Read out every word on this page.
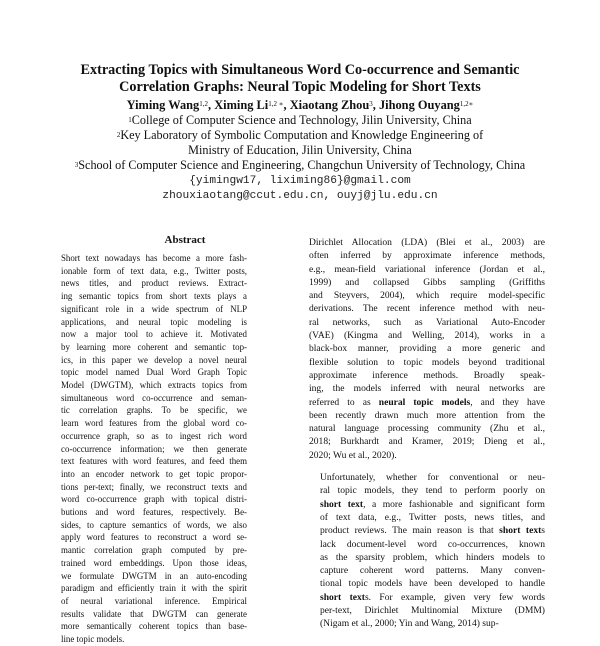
Extracting Topics with Simultaneous Word Co-occurrence and Semantic
Correlation Graphs: Neural Topic Modeling for Short Texts
Yiming Wang$^{1,2}$, Ximing $Li^{1,2 ∗}$, Xiaotang Zhou$^3$, Jihong Ouyang$^{1,2∗}$
$^1$College of Computer Science and Technology, Jilin University, China
$^2$Key Laboratory of Symbolic Computation and Knowledge Engineering of
Ministry of Education, Jilin University, China
$^3$School of Computer Science and Engineering, Changchun University of Technology, China
{yimingw17, liximing86}@gmail.com
zhouxiaotang@ccut.edu.cn, ouyj@jlu.edu.cn
Abstract
Short text nowadays has become a more fash-
ionable form of text data, e.g., Twitter posts,
news titles, and product reviews. Extract-
ing semantic topics from short texts plays a
significant role in a wide spectrum of NLP
applications, and neural topic modeling is
now a major tool to achieve it. Motivated
by learning more coherent and semantic top-
ics, in this paper we develop a novel neural
topic model named Dual Word Graph Topic
Model (DWGTM), which extracts topics from
simultaneous word co-occurrence and seman-
tic correlation graphs. To be specific, we
learn word features from the global word co-
occurrence graph, so as to ingest rich word
co-occurrence information; we then generate
text features with word features, and feed them
into an encoder network to get topic propor-
tions per-text; finally, we reconstruct texts and
word co-occurrence graph with topical distri-
butions and word features, respectively. Be-
sides, to capture semantics of words, we also
apply word features to reconstruct a word se-
mantic correlation graph computed by pre-
trained word embeddings. Upon those ideas,
we formulate DWGTM in an auto-encoding
paradigm and efficiently train it with the spirit
of neural variational inference. Empirical
results validate that DWGTM can generate
more semantically coherent topics than base-
line topic models.

Dirichlet Allocation (LDA) (Blei et al., 2003) are
often inferred by approximate inference methods,
e.g., mean-field variational inference (Jordan et al.,
1999) and collapsed Gibbs sampling (Griffiths
and Steyvers, 2004), which require model-specific
derivations. The recent inference method with neu-
ral networks, such as Variational Auto-Encoder
(VAE) (Kingma and Welling, 2014), works in a
black-box manner, providing a more generic and
flexible solution to topic models beyond traditional
approximate inference methods. Broadly speak-
ing, the models inferred with neural networks are
referred to as neural topic models, and they have
been recently drawn much more attention from the
natural language processing community (Zhu et al.,
2018; Burkhardt and Kramer, 2019; Dieng et al.,
2020; Wu et al., 2020).

Unfortunately, whether for conventional or neu-
ral topic models, they tend to perform poorly on
short text, a more fashionable and significant form
of text data, e.g., Twitter posts, news titles, and
product reviews. The main reason is that short texts
lack document-level word co-occurrences, known
as the sparsity problem, which hinders models to
capture coherent word patterns. Many conven-
tional topic models have been developed to handle
short texts. For example, given very few words
per-text, Dirichlet Multinomial Mixture (DMM)
(Nigam et al., 2000; Yin and Wang, 2014) sup-
